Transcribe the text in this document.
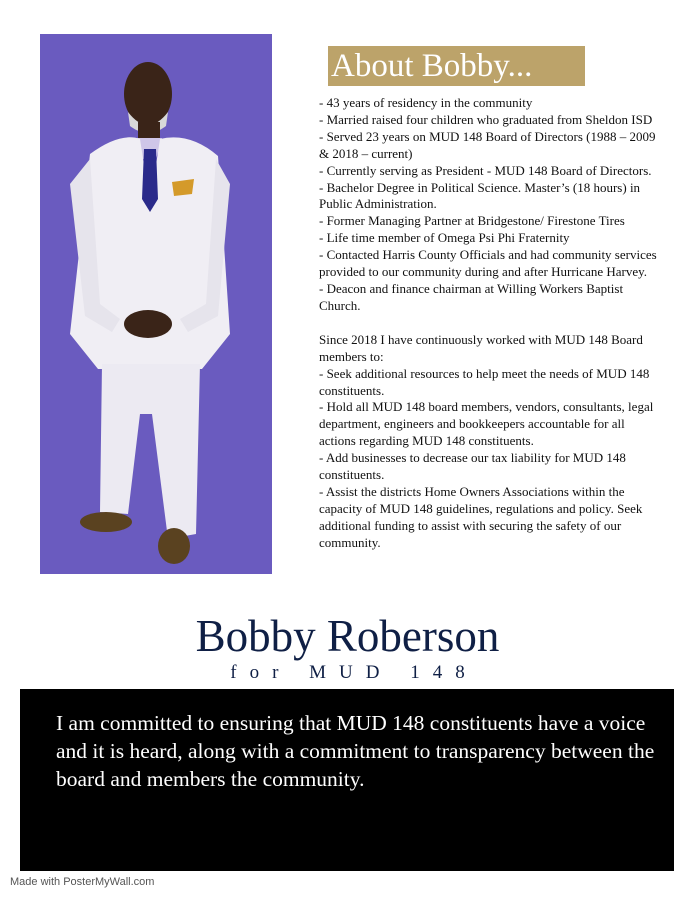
About Bobby...

- 43 years of residency in the community

- Married raised four children who graduated from Sheldon ISD

- Served 23 years on MUD 148 Board of Directors (1988 – 2009 & 2018 – current)

- Currently serving as President - MUD 148 Board of Directors.

- Bachelor Degree in Political Science. Master’s (18 hours) in Public Administration.

- Former Managing Partner at Bridgestone/ Firestone Tires

- Life time member of Omega Psi Phi Fraternity

- Contacted Harris County Officials and had community services provided to our community during and after Hurricane Harvey.

- Deacon and finance chairman at Willing Workers Baptist Church.

Since 2018 I have continuously worked with MUD 148 Board members to:

- Seek additional resources to help meet the needs of MUD 148 constituents.

- Hold all MUD 148 board members, vendors, consultants, legal department, engineers and bookkeepers accountable for all actions regarding MUD 148 constituents.

- Add businesses to decrease our tax liability for MUD 148 constituents.

- Assist the districts Home Owners Associations within the capacity of MUD 148 guidelines, regulations and policy. Seek additional funding to assist with securing the safety of our community.

Bobby Roberson
for MUD 148
I am committed to ensuring that MUD 148 constituents have a voice and it is heard, along with a commitment to transparency between the board and members the community.
Made with PosterMyWall.com
